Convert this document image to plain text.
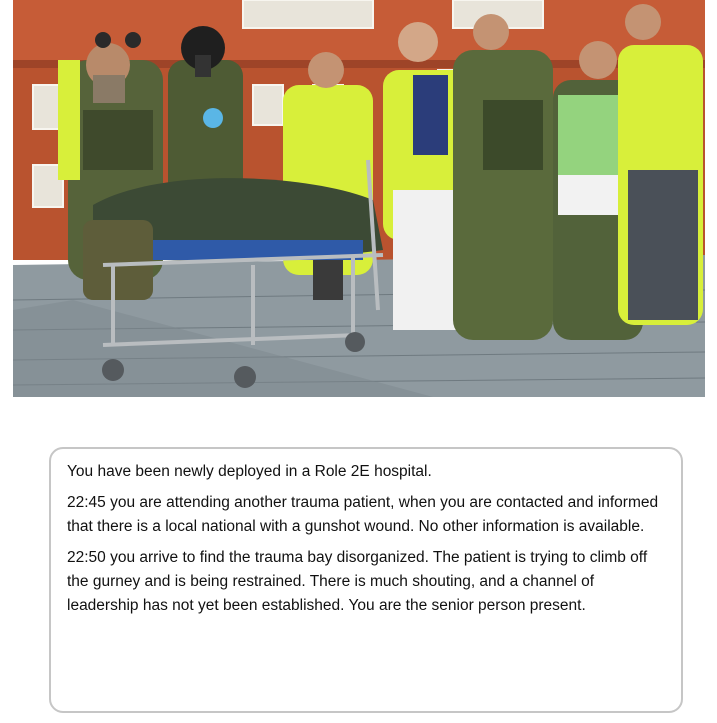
You have been newly deployed in a Role 2E hospital.

22:45 you are attending another trauma patient, when you are contacted and informed that there is a local national with a gunshot wound. No other information is available.

22:50 you arrive to find the trauma bay disorganized. The patient is trying to climb off the gurney and is being restrained. There is much shouting, and a channel of leadership has not yet been established. You are the senior person present.
